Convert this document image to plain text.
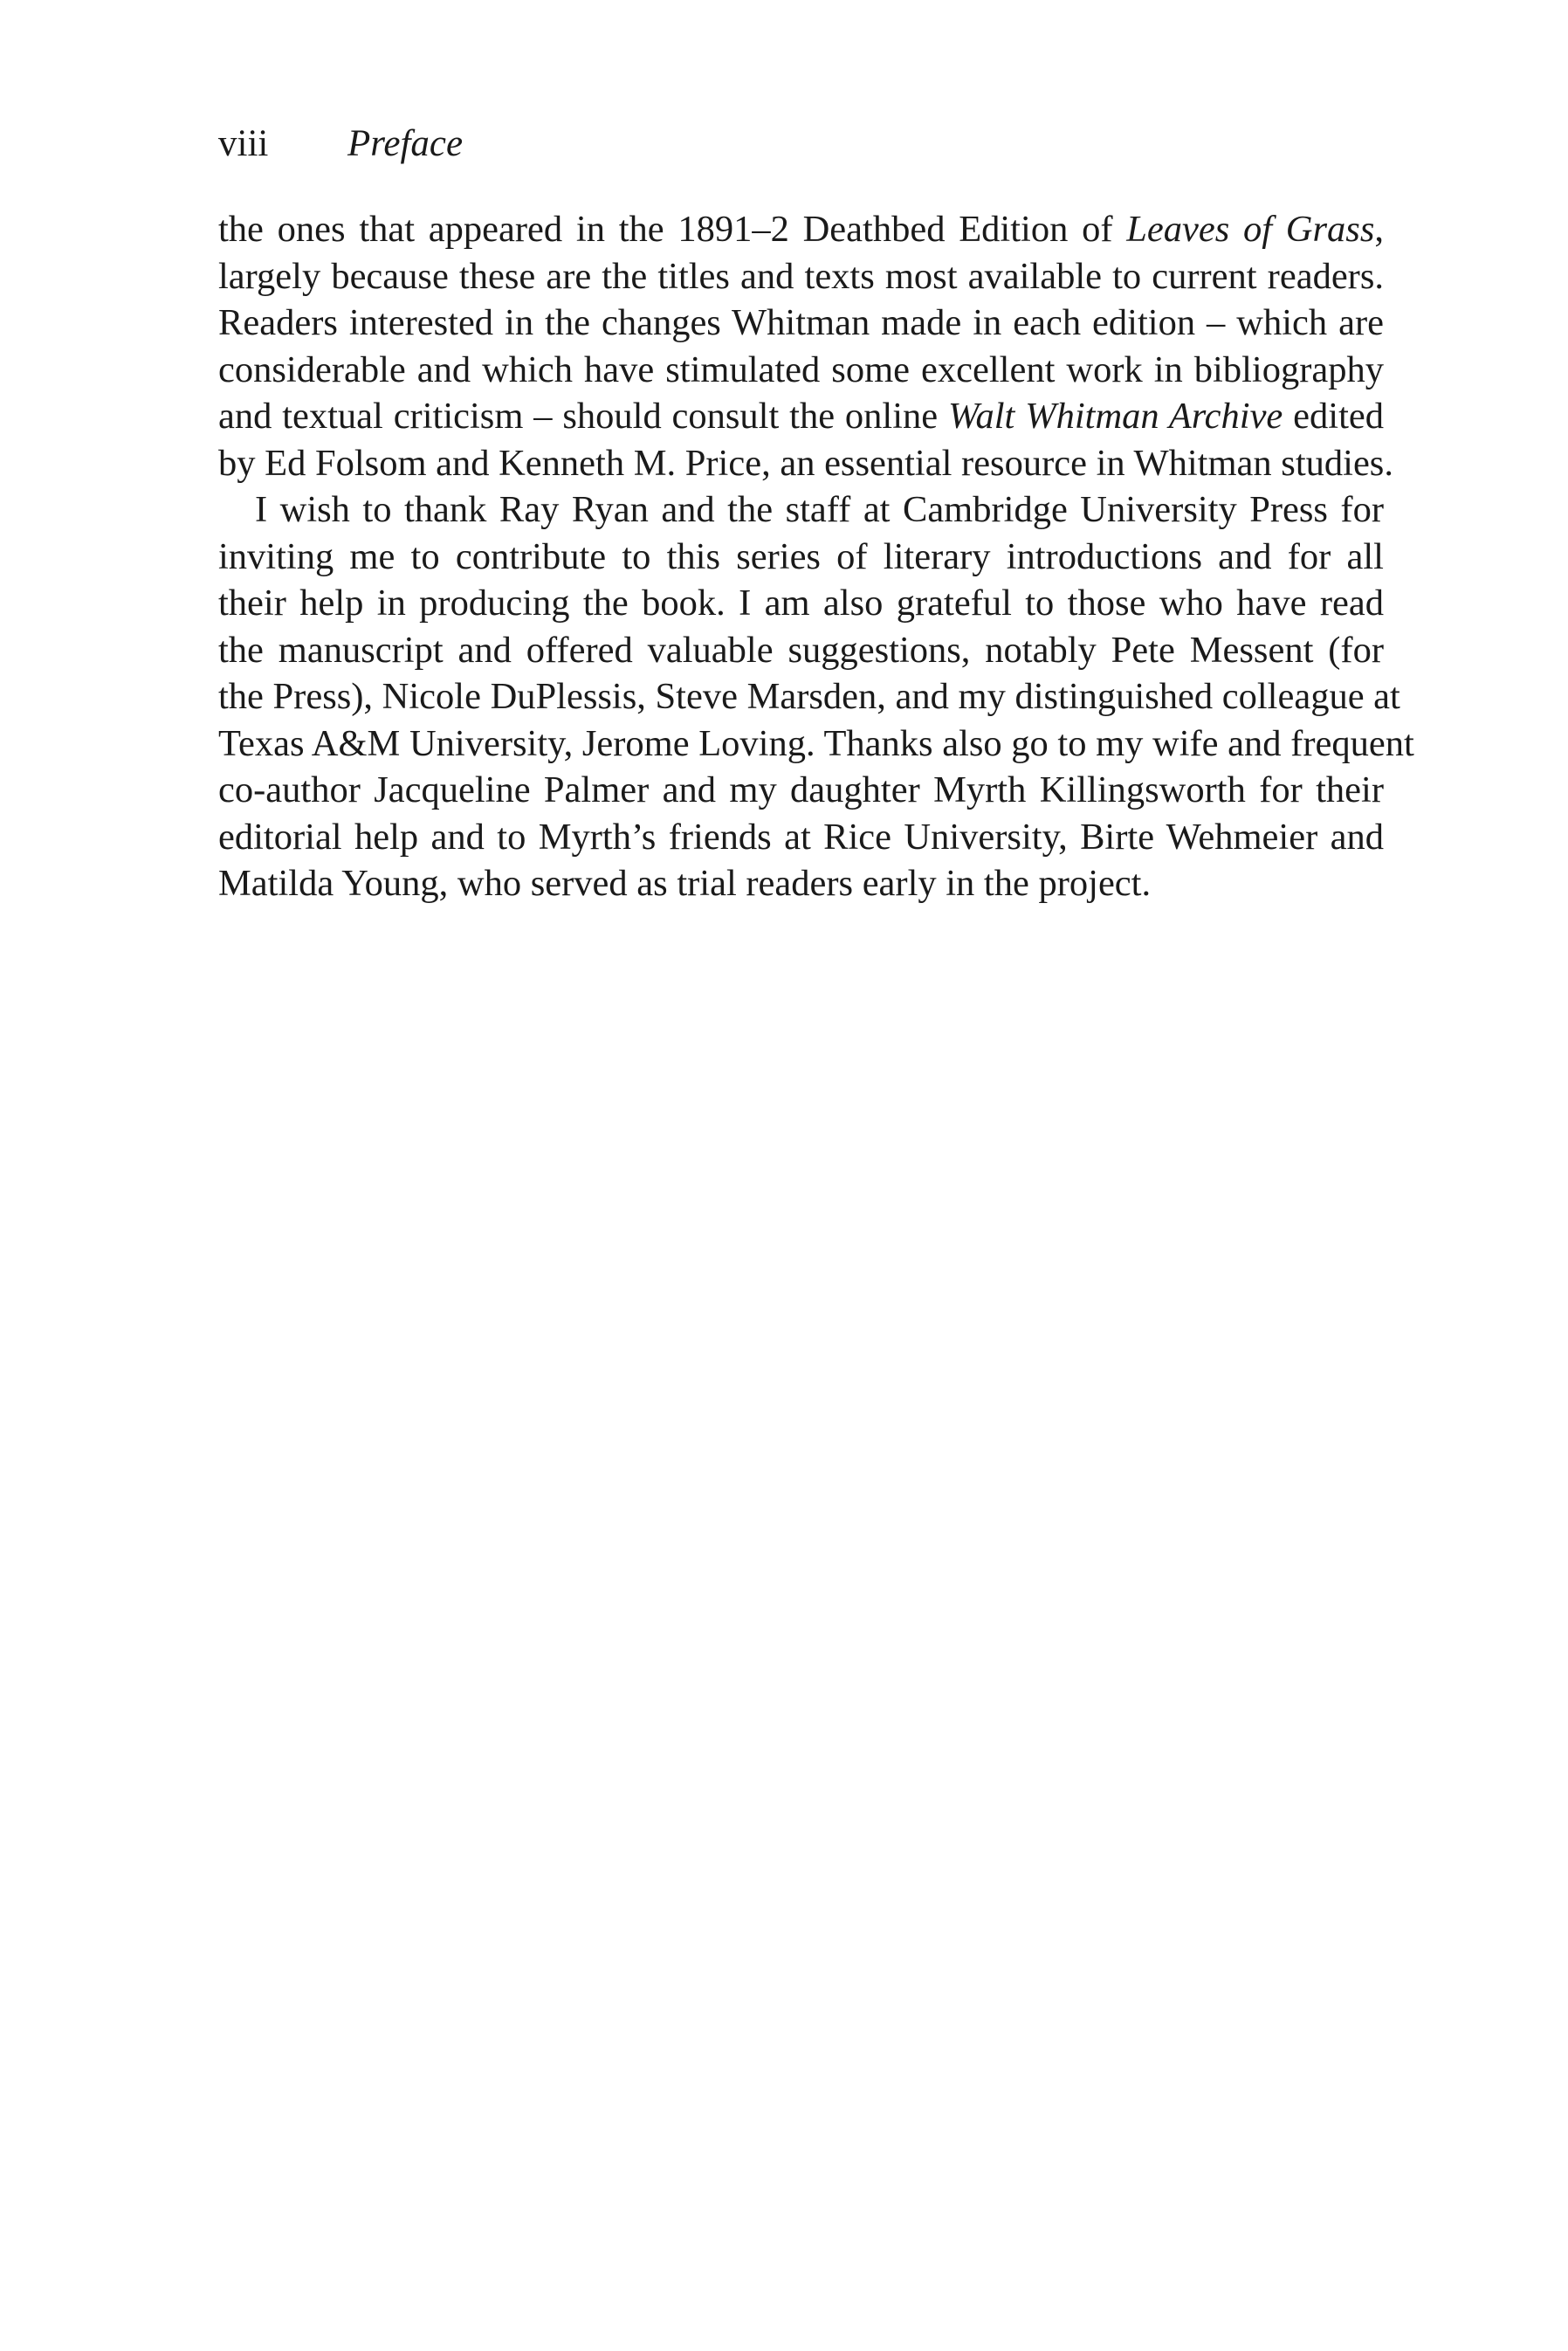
viii Preface
the ones that appeared in the 1891–2 Deathbed Edition of Leaves of Grass,
largely because these are the titles and texts most available to current readers.
Readers interested in the changes Whitman made in each edition – which are
considerable and which have stimulated some excellent work in bibliography
and textual criticism – should consult the online Walt Whitman Archive edited
by Ed Folsom and Kenneth M. Price, an essential resource in Whitman studies.
I wish to thank Ray Ryan and the staff at Cambridge University Press for
inviting me to contribute to this series of literary introductions and for all
their help in producing the book. I am also grateful to those who have read
the manuscript and offered valuable suggestions, notably Pete Messent (for
the Press), Nicole DuPlessis, Steve Marsden, and my distinguished colleague at
Texas A&M University, Jerome Loving. Thanks also go to my wife and frequent
co-author Jacqueline Palmer and my daughter Myrth Killingsworth for their
editorial help and to Myrth’s friends at Rice University, Birte Wehmeier and
Matilda Young, who served as trial readers early in the project.
